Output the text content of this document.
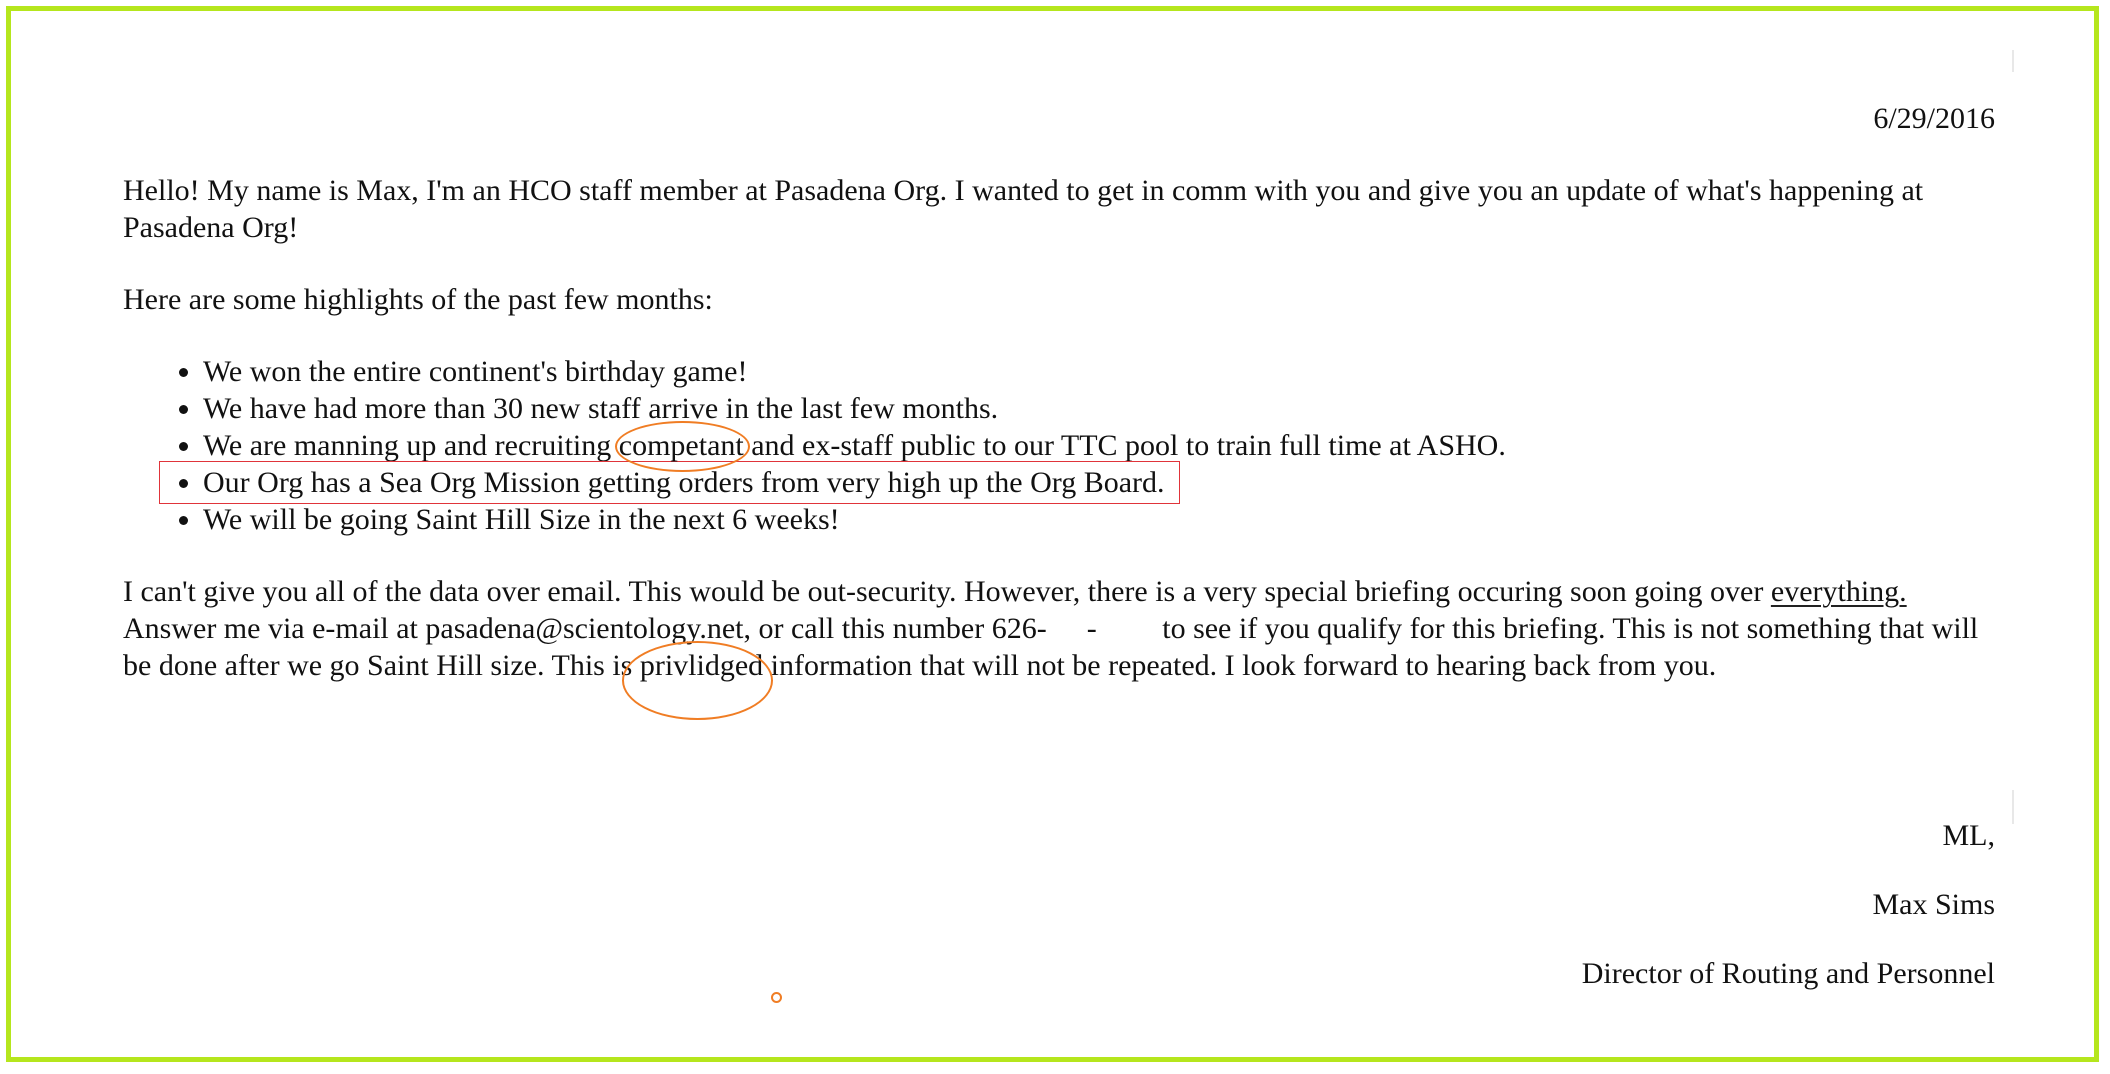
6/29/2016

Hello! My name is Max, I'm an HCO staff member at Pasadena Org. I wanted to get in comm with you and give you an update of what's happening at Pasadena Org!

Here are some highlights of the past few months:

• We won the entire continent's birthday game!
• We have had more than 30 new staff arrive in the last few months.
• We are manning up and recruiting competant and ex-staff public to our TTC pool to train full time at ASHO.
• Our Org has a Sea Org Mission getting orders from very high up the Org Board.
• We will be going Saint Hill Size in the next 6 weeks!

I can't give you all of the data over email. This would be out-security. However, there is a very special briefing occuring soon going over everything. Answer me via e-mail at pasadena@scientology.net, or call this number 626- - to see if you qualify for this briefing. This is not something that will be done after we go Saint Hill size. This is privlidged information that will not be repeated. I look forward to hearing back from you.

ML,
Max Sims
Director of Routing and Personnel
